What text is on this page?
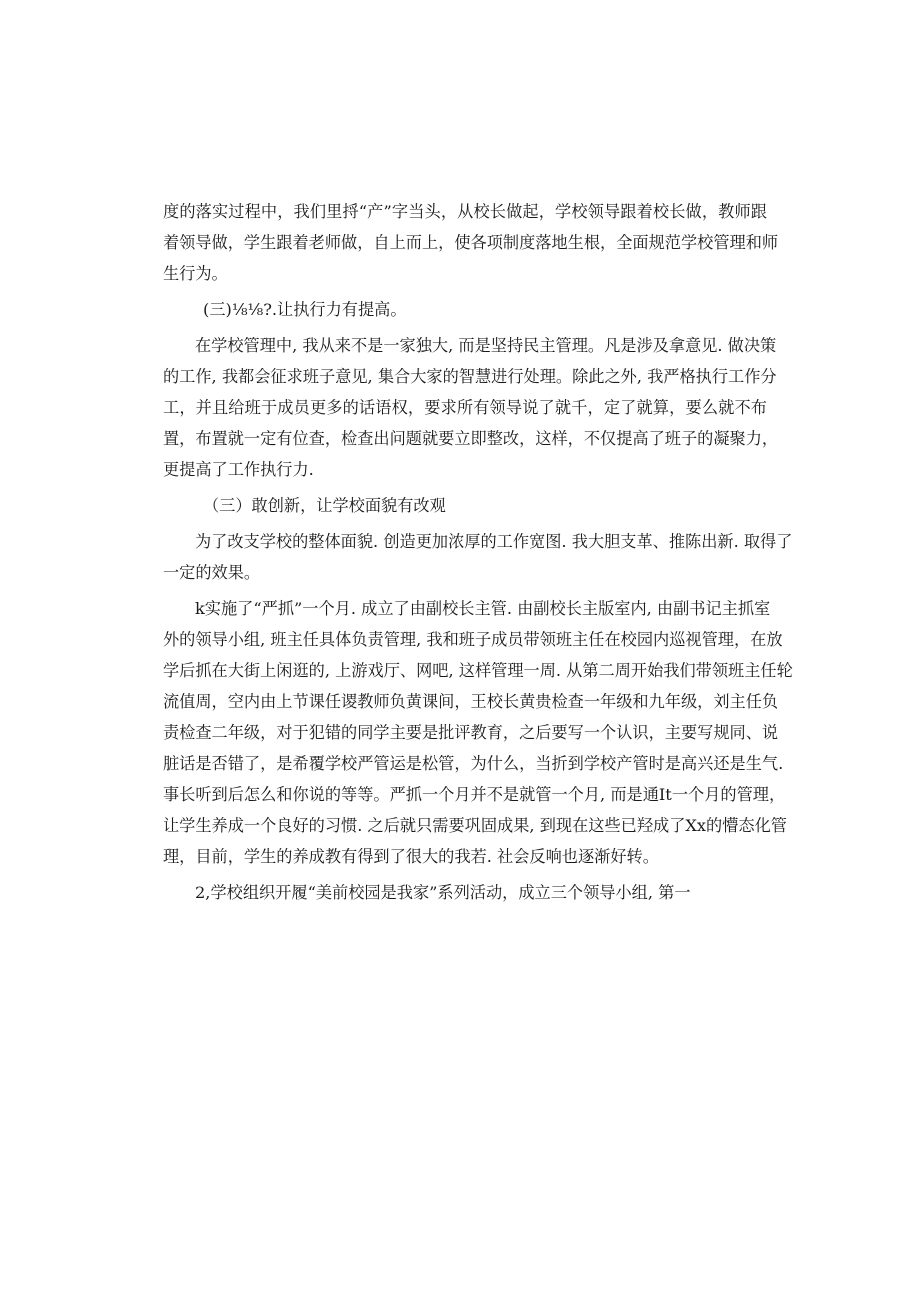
度的落实过程中，我们里捋“产”字当头，从校长做起，学校领导跟着校长做，教师跟
着领导做，学生跟着老师做，自上而上，使各项制度落地生根，全面规范学校管理和师
生行为。
(三)⅛⅛?.让执行力有提高。
在学校管理中, 我从来不是一家独大, 而是坚持民主管理。凡是涉及拿意见. 做决策
的工作, 我都会征求班子意见, 集合大家的智慧进行处理。除此之外, 我严格执行工作分
工，并且给班于成员更多的话语权，要求所有领导说了就千，定了就算，要么就不布
置，布置就一定有位查，检查出问题就要立即整改，这样，不仅提高了班子的凝聚力，
更提高了工作执行力.
（三）敢创新，让学校面貌有改观
为了改支学校的整体面貌. 创造更加浓厚的工作宽图. 我大胆支革、推陈出新. 取得了
一定的效果。
k实施了“严抓”一个月. 成立了由副校长主管. 由副校长主版室内, 由副书记主抓室
外的领导小组, 班主任具体负责管理, 我和班子成员带领班主任在校园内巡视管理，在放
学后抓在大街上闲逛的, 上游戏厅、网吧, 这样管理一周. 从第二周开始我们带领班主任轮
流值周，空内由上节课任谡教师负黄课间，王校长黄贵检查一年级和九年级，刘主任负
责检查二年级，对于犯错的同学主要是批评教育，之后要写一个认识，主要写规同、说
脏话是否错了，是希覆学校严管运是松管，为什么，当折到学校产管时是高兴还是生气.
事长听到后怎么和你说的等等。严抓一个月并不是就管一个月, 而是通It一个月的管理，
让学生养成一个良好的习惯. 之后就只需要巩固成果, 到现在这些已羟成了Xx的懵态化管
理，目前，学生的养成教有得到了很大的我若. 社会反响也逐渐好转。
2,学校组织开履“美前校园是我家”系列活动，成立三个领导小组, 第一
